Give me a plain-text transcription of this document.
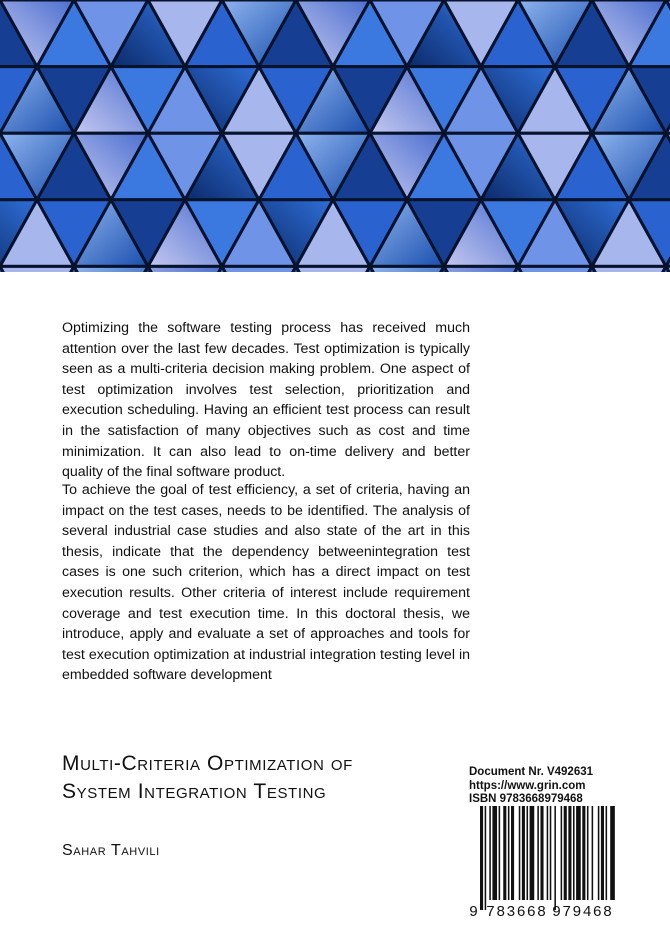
Optimizing the software testing process has received much attention over the last few decades. Test optimization is typically seen as a multi-criteria decision making problem. One aspect of test optimization involves test selection, prioritization and execution scheduling. Having an efficient test process can result in the satisfaction of many objectives such as cost and time minimization. It can also lead to on-time delivery and better quality of the final software product.
To achieve the goal of test efficiency, a set of criteria, having an impact on the test cases, needs to be identified. The analysis of several industrial case studies and also state of the art in this thesis, indicate that the dependency betweenintegration test cases is one such criterion, which has a direct impact on test execution results. Other criteria of interest include requirement coverage and test execution time. In this doctoral thesis, we introduce, apply and evaluate a set of approaches and tools for test execution optimization at industrial integration testing level in embedded software development
Multi-Criteria Optimization of
System Integration Testing
Sahar Tahvili
Document Nr. V492631
https://www.grin.com
ISBN 9783668979468
9 783668 979468
